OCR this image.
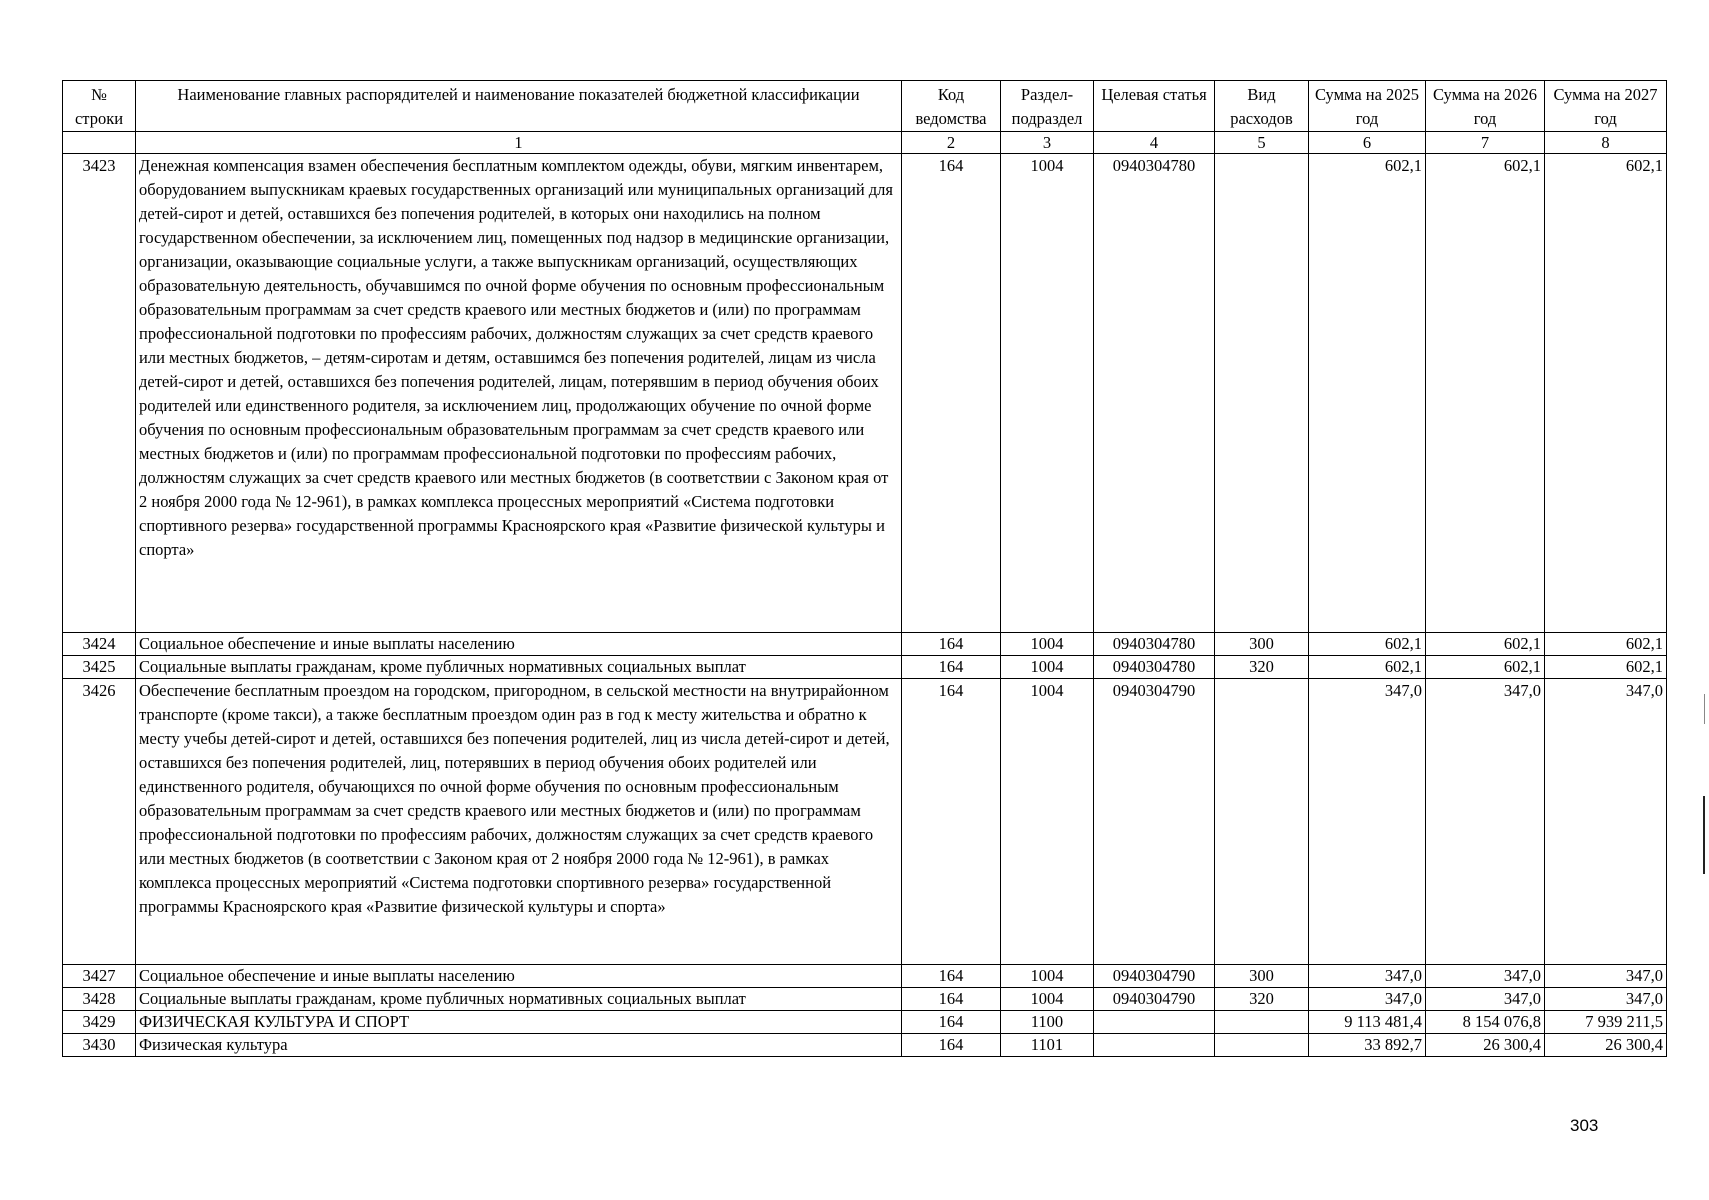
№ строки	Наименование главных распорядителей и наименование показателей бюджетной классификации	Код ведомства	Раздел-подраздел	Целевая статья	Вид расходов	Сумма на 2025 год	Сумма на 2026 год	Сумма на 2027 год
	1	2	3	4	5	6	7	8
3423	Денежная компенсация взамен обеспечения бесплатным комплектом одежды, обуви, мягким инвентарем, оборудованием выпускникам краевых государственных организаций или муниципальных организаций для детей-сирот и детей, оставшихся без попечения родителей, в которых они находились на полном государственном обеспечении, за исключением лиц, помещенных под надзор в медицинские организации, организации, оказывающие социальные услуги, а также выпускникам организаций, осуществляющих образовательную деятельность, обучавшимся по очной форме обучения по основным профессиональным образовательным программам за счет средств краевого или местных бюджетов и (или) по программам профессиональной подготовки по профессиям рабочих, должностям служащих за счет средств краевого или местных бюджетов, – детям-сиротам и детям, оставшимся без попечения родителей, лицам из числа детей-сирот и детей, оставшихся без попечения родителей, лицам, потерявшим в период обучения обоих родителей или единственного родителя, за исключением лиц, продолжающих обучение по очной форме обучения по основным профессиональным образовательным программам за счет средств краевого или местных бюджетов и (или) по программам профессиональной подготовки по профессиям рабочих, должностям служащих за счет средств краевого или местных бюджетов (в соответствии с Законом края от 2 ноября 2000 года № 12-961), в рамках комплекса процессных мероприятий «Система подготовки спортивного резерва» государственной программы Красноярского края «Развитие физической культуры и спорта»	164	1004	0940304780		602,1	602,1	602,1
3424	Социальное обеспечение и иные выплаты населению	164	1004	0940304780	300	602,1	602,1	602,1
3425	Социальные выплаты гражданам, кроме публичных нормативных социальных выплат	164	1004	0940304780	320	602,1	602,1	602,1
3426	Обеспечение бесплатным проездом на городском, пригородном, в сельской местности на внутрирайонном транспорте (кроме такси), а также бесплатным проездом один раз в год к месту жительства и обратно к месту учебы детей-сирот и детей, оставшихся без попечения родителей, лиц из числа детей-сирот и детей, оставшихся без попечения родителей, лиц, потерявших в период обучения обоих родителей или единственного родителя, обучающихся по очной форме обучения по основным профессиональным образовательным программам за счет средств краевого или местных бюджетов и (или) по программам профессиональной подготовки по профессиям рабочих, должностям служащих за счет средств краевого или местных бюджетов (в соответствии с Законом края от 2 ноября 2000 года № 12-961), в рамках комплекса процессных мероприятий «Система подготовки спортивного резерва» государственной программы Красноярского края «Развитие физической культуры и спорта»	164	1004	0940304790		347,0	347,0	347,0
3427	Социальное обеспечение и иные выплаты населению	164	1004	0940304790	300	347,0	347,0	347,0
3428	Социальные выплаты гражданам, кроме публичных нормативных социальных выплат	164	1004	0940304790	320	347,0	347,0	347,0
3429	ФИЗИЧЕСКАЯ КУЛЬТУРА И СПОРТ	164	1100			9 113 481,4	8 154 076,8	7 939 211,5
3430	Физическая культура	164	1101			33 892,7	26 300,4	26 300,4
303
